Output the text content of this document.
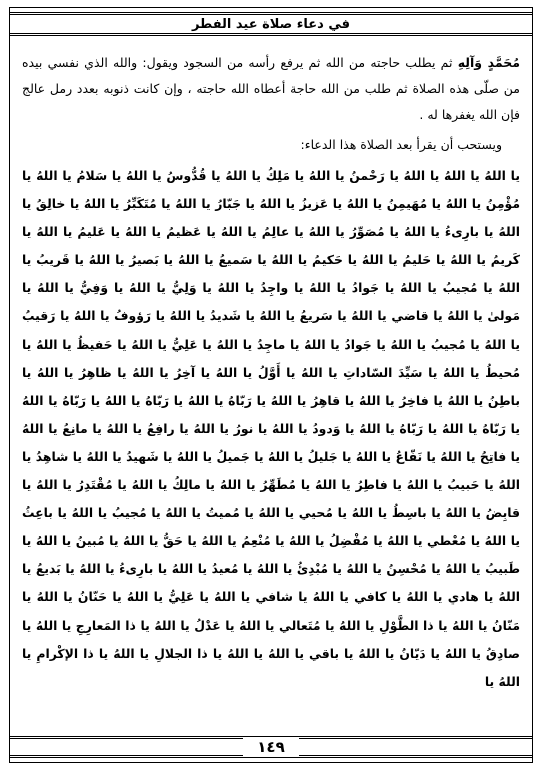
في دعاء صلاة عيد الفطر

مُحَمَّدٍ وَآلِهِ ثم يطلب حاجته من الله ثم يرفع رأسه من السجود ويقول: والله الذي نفسي بيده من صلّى هذه الصلاة ثم طلب من الله حاجة أعطاه الله حاجته ، وإن كانت ذنوبه بعدد رمل عالج فإن الله يغفرها له .

ويستحب أن يقرأ بعد الصلاة هذا الدعاء:

يا اللهُ يا اللهُ يا اللهُ يا رَحْمنُ يا اللهُ يا مَلِكُ يا اللهُ يا قُدُّوسُ يا اللهُ يا سَلامُ يا اللهُ يا مُؤْمِنُ يا اللهُ يا مُهَيمِنُ يا اللهُ يا عَزيزُ يا اللهُ يا جَبّارُ يا اللهُ يا مُتَكَبِّرُ يا اللهُ يا خالِقُ يا اللهُ يا بارِىءُ يا اللهُ يا مُصَوِّرُ يا اللهُ يا عالِمُ يا اللهُ يا عَظيمُ يا اللهُ يا عَليمُ يا اللهُ يا كَريمُ يا اللهُ يا حَليمُ يا اللهُ يا حَكيمُ يا اللهُ يا سَميعُ يا اللهُ يا بَصيرُ يا اللهُ يا قَريبُ يا اللهُ يا مُجيبُ يا اللهُ يا جَوادُ يا اللهُ يا واجِدُ يا اللهُ يا وَلِيُّ يا اللهُ يا وَفِيُّ يا اللهُ يا مَولىٰ يا اللهُ يا قاضي يا اللهُ يا سَريعُ يا اللهُ يا شَديدُ يا اللهُ يا رَؤوفُ يا اللهُ يا رَقيبُ يا اللهُ يا مُجيبُ يا اللهُ يا جَوادُ يا اللهُ يا ماجِدُ يا اللهُ يا عَلِيُّ يا اللهُ يا حَفيظُ يا اللهُ يا مُحيطُ يا اللهُ يا سَيِّدَ السّاداتِ يا اللهُ يا أَوَّلُ يا اللهُ يا آخِرُ يا اللهُ يا ظاهِرُ يا اللهُ يا باطِنُ يا اللهُ يا فاخِرُ يا اللهُ يا قاهِرُ يا اللهُ يا رَبّاهُ يا اللهُ يا رَبّاهُ يا اللهُ يا رَبّاهُ يا اللهُ يا رَبّاهُ يا اللهُ يا رَبّاهُ يا اللهُ يا وَدودُ يا اللهُ يا نورُ يا اللهُ يا رافِعُ يا اللهُ يا مانِعُ يا اللهُ يا فاتِحُ يا اللهُ يا نَفّاعُ يا اللهُ يا جَليلُ يا اللهُ يا جَميلُ يا اللهُ يا شَهيدُ يا اللهُ يا شاهِدُ يا اللهُ يا حَبيبُ يا اللهُ يا فاطِرُ يا اللهُ يا مُطَهِّرُ يا اللهُ يا مالِكُ يا اللهُ يا مُقْتَدِرُ يا اللهُ يا قابِضُ يا اللهُ يا باسِطُ يا اللهُ يا مُحيي يا اللهُ يا مُميتُ يا اللهُ يا مُجيبُ يا اللهُ يا باعِثُ يا اللهُ يا مُعْطي يا اللهُ يا مُفْضِلُ يا اللهُ يا مُنْعِمُ يا اللهُ يا حَقُّ يا اللهُ يا مُبينُ يا اللهُ يا طَبيبُ يا اللهُ يا مُحْسِنُ يا اللهُ يا مُبْدِئُ يا اللهُ يا مُعيدُ يا اللهُ يا بارِىءُ يا اللهُ يا بَديعُ يا اللهُ يا هادي يا اللهُ يا كافي يا اللهُ يا شافي يا اللهُ يا عَلِيُّ يا اللهُ يا حَنّانُ يا اللهُ يا مَنّانُ يا اللهُ يا ذا الطَّوْلِ يا اللهُ يا مُتَعالي يا اللهُ يا عَدْلُ يا اللهُ يا ذا المَعارِجِ يا اللهُ يا صادِقُ يا اللهُ يا دَيّانُ يا اللهُ يا باقي يا اللهُ يا اللهُ يا ذا الجلالِ يا اللهُ يا ذا الإكْرامِ يا اللهُ يا

١٤٩
